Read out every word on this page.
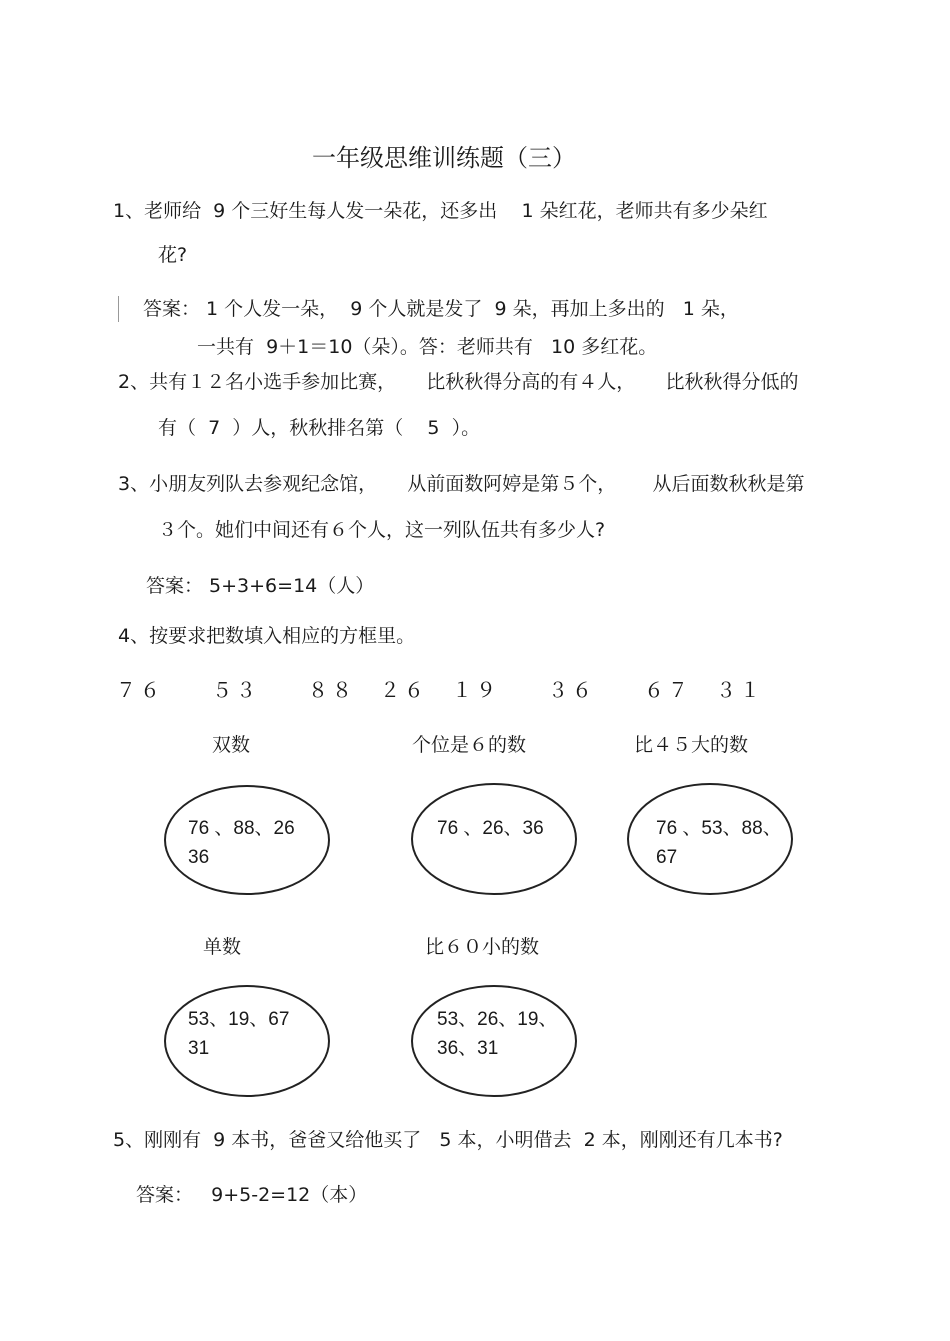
一年级思维训练题（三）
1、老师给  9 个三好生每人发一朵花，还多出    1 朵红花，老师共有多少朵红
花?
答案： 1 个人发一朵，  9 个人就是发了  9 朵，再加上多出的   1 朵，
一共有  9＋1＝10（朵）。答：老师共有   10 多红花。
2、共有１２名小选手参加比赛，     比秋秋得分高的有４人，     比秋秋得分低的
有（  7  ）人，秋秋排名第（    5  ）。
3、小朋友列队去参观纪念馆，     从前面数阿婷是第５个，      从后面数秋秋是第
３个。她们中间还有６个人，这一列队伍共有多少人?
答案： 5+3+6=14（人）
4、按要求把数填入相应的方框里。
７６　　５３　　８８　２６　１９　　３６　　６７　３１
双数	个位是６的数	比４５大的数
76 、88、26
36
76 、26、36	76 、53、88、
67
单数	比６０小的数
53、19、67
31
53、26、19、
36、31
5、刚刚有  9 本书，爸爸又给他买了   5 本，小明借去  2 本，刚刚还有几本书?
答案：   9+5-2=12（本）
